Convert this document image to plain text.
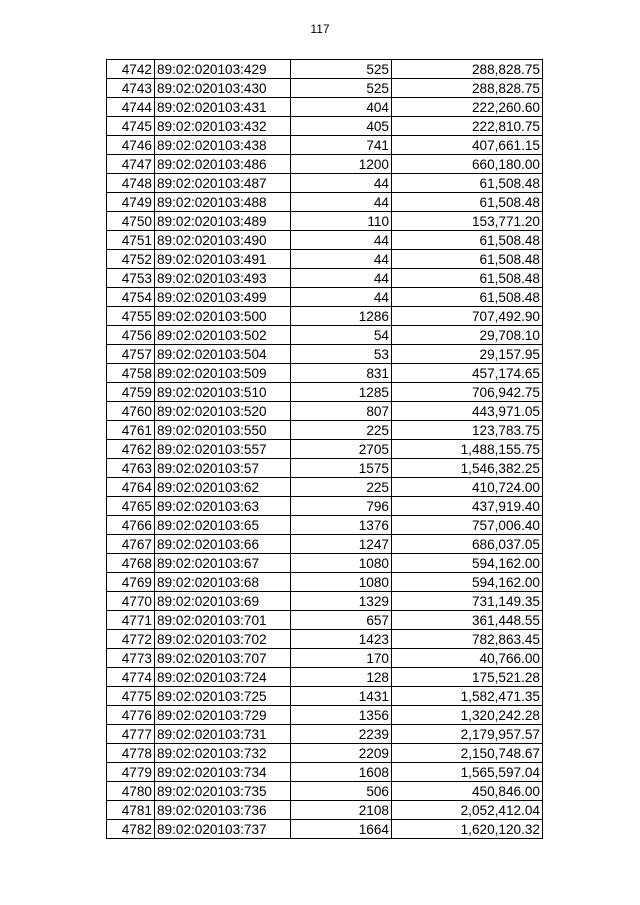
117
4742	89:02:020103:429	525	288,828.75
4743	89:02:020103:430	525	288,828.75
4744	89:02:020103:431	404	222,260.60
4745	89:02:020103:432	405	222,810.75
4746	89:02:020103:438	741	407,661.15
4747	89:02:020103:486	1200	660,180.00
4748	89:02:020103:487	44	61,508.48
4749	89:02:020103:488	44	61,508.48
4750	89:02:020103:489	110	153,771.20
4751	89:02:020103:490	44	61,508.48
4752	89:02:020103:491	44	61,508.48
4753	89:02:020103:493	44	61,508.48
4754	89:02:020103:499	44	61,508.48
4755	89:02:020103:500	1286	707,492.90
4756	89:02:020103:502	54	29,708.10
4757	89:02:020103:504	53	29,157.95
4758	89:02:020103:509	831	457,174.65
4759	89:02:020103:510	1285	706,942.75
4760	89:02:020103:520	807	443,971.05
4761	89:02:020103:550	225	123,783.75
4762	89:02:020103:557	2705	1,488,155.75
4763	89:02:020103:57	1575	1,546,382.25
4764	89:02:020103:62	225	410,724.00
4765	89:02:020103:63	796	437,919.40
4766	89:02:020103:65	1376	757,006.40
4767	89:02:020103:66	1247	686,037.05
4768	89:02:020103:67	1080	594,162.00
4769	89:02:020103:68	1080	594,162.00
4770	89:02:020103:69	1329	731,149.35
4771	89:02:020103:701	657	361,448.55
4772	89:02:020103:702	1423	782,863.45
4773	89:02:020103:707	170	40,766.00
4774	89:02:020103:724	128	175,521.28
4775	89:02:020103:725	1431	1,582,471.35
4776	89:02:020103:729	1356	1,320,242.28
4777	89:02:020103:731	2239	2,179,957.57
4778	89:02:020103:732	2209	2,150,748.67
4779	89:02:020103:734	1608	1,565,597.04
4780	89:02:020103:735	506	450,846.00
4781	89:02:020103:736	2108	2,052,412.04
4782	89:02:020103:737	1664	1,620,120.32
